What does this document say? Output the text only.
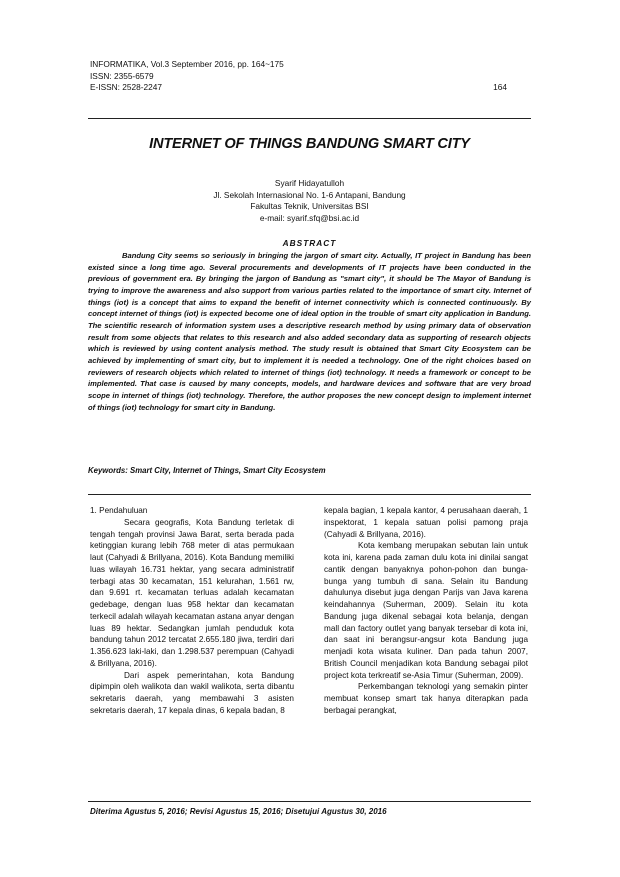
INFORMATIKA, Vol.3 September 2016, pp. 164~175
ISSN: 2355-6579
E-ISSN: 2528-2247	164
INTERNET OF THINGS BANDUNG SMART CITY
Syarif Hidayatulloh
Jl. Sekolah Internasional No. 1-6 Antapani, Bandung
Fakultas Teknik, Universitas BSI
e-mail: syarif.sfq@bsi.ac.id
ABSTRACT

Bandung City seems so seriously in bringing the jargon of smart city. Actually, IT project in Bandung has been existed since a long time ago. Several procurements and developments of IT projects have been conducted in the previous of government era. By bringing the jargon of Bandung as "smart city", it should be The Mayor of Bandung is trying to improve the awareness and also support from various parties related to the importance of smart city. Internet of things (iot) is a concept that aims to expand the benefit of internet connectivity which is connected continuously. By concept internet of things (iot) is expected become one of ideal option in the trouble of smart city application in Bandung. The scientific research of information system uses a descriptive research method by using primary data of observation result from some objects that relates to this research and also added secondary data as supporting of research objects which is reviewed by using content analysis method. The study result is obtained that Smart City Ecosystem can be achieved by implementing of smart city, but to implement it is needed a technology. One of the right choices based on reviewers of research objects which related to internet of things (iot) technology. It needs a framework or concept to be implemented. That case is caused by many concepts, models, and hardware devices and software that are very broad scope in internet of things (iot) technology. Therefore, the author proposes the new concept design to implement internet of things (iot) technology for smart city in Bandung.

Keywords: Smart City, Internet of Things, Smart City Ecosystem

1. Pendahuluan

Secara geografis, Kota Bandung terletak di tengah tengah provinsi Jawa Barat, serta berada pada ketinggian kurang lebih 768 meter di atas permukaan laut (Cahyadi & Brillyana, 2016). Kota Bandung memiliki luas wilayah 16.731 hektar, yang secara administratif terbagi atas 30 kecamatan, 151 kelurahan, 1.561 rw, dan 9.691 rt. kecamatan terluas adalah kecamatan gedebage, dengan luas 958 hektar dan kecamatan terkecil adalah wilayah kecamatan astana anyar dengan luas 89 hektar. Sedangkan jumlah penduduk kota bandung tahun 2012 tercatat 2.655.180 jiwa, terdiri dari 1.356.623 laki-laki, dan 1.298.537 perempuan (Cahyadi & Brillyana, 2016).

Dari aspek pemerintahan, kota Bandung dipimpin oleh walikota dan wakil walikota, serta dibantu sekretaris daerah, yang membawahi 3 asisten sekretaris daerah, 17 kepala dinas, 6 kepala badan, 8

kepala bagian, 1 kepala kantor, 4 perusahaan daerah, 1 inspektorat, 1 kepala satuan polisi pamong praja (Cahyadi & Brillyana, 2016).

Kota kembang merupakan sebutan lain untuk kota ini, karena pada zaman dulu kota ini dinilai sangat cantik dengan banyaknya pohon-pohon dan bunga-bunga yang tumbuh di sana. Selain itu Bandung dahulunya disebut juga dengan Parijs van Java karena keindahannya (Suherman, 2009). Selain itu kota Bandung juga dikenal sebagai kota belanja, dengan mall dan factory outlet yang banyak tersebar di kota ini, dan saat ini berangsur-angsur kota Bandung juga menjadi kota wisata kuliner. Dan pada tahun 2007, British Council menjadikan kota Bandung sebagai pilot project kota terkreatif se-Asia Timur (Suherman, 2009).

Perkembangan teknologi yang semakin pinter membuat konsep smart tak hanya diterapkan pada berbagai perangkat,

Diterima Agustus 5, 2016; Revisi Agustus 15, 2016; Disetujui Agustus 30, 2016
